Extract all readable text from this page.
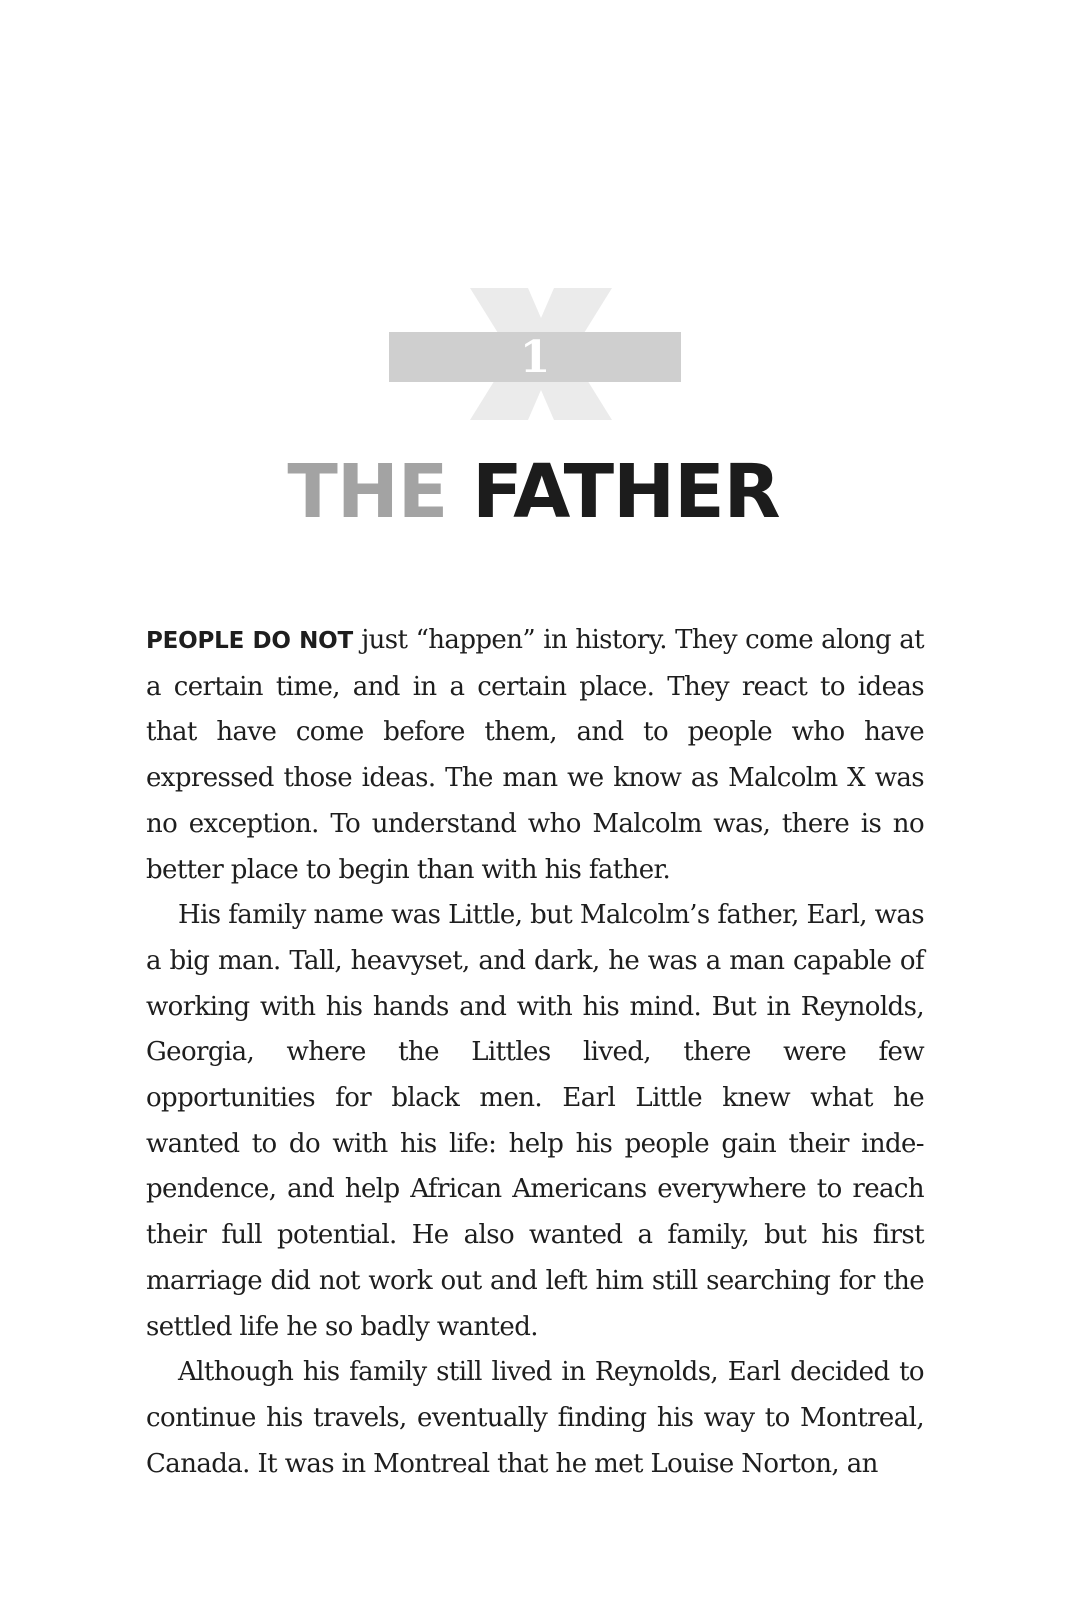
1
THE FATHER

PEOPLE DO NOT just “happen” in history. They come along at a certain time, and in a certain place. They react to ideas that have come before them, and to people who have expressed those ideas. The man we know as Malcolm X was no exception. To understand who Malcolm was, there is no better place to begin than with his father.

His family name was Little, but Malcolm’s father, Earl, was a big man. Tall, heavyset, and dark, he was a man capable of working with his hands and with his mind. But in Reynolds, Georgia, where the Littles lived, there were few opportunities for black men. Earl Little knew what he wanted to do with his life: help his people gain their inde-pendence, and help African Americans everywhere to reach their full potential. He also wanted a family, but his first marriage did not work out and left him still searching for the settled life he so badly wanted.

Although his family still lived in Reynolds, Earl decided to continue his travels, eventually finding his way to Montreal, Canada. It was in Montreal that he met Louise Norton, an
